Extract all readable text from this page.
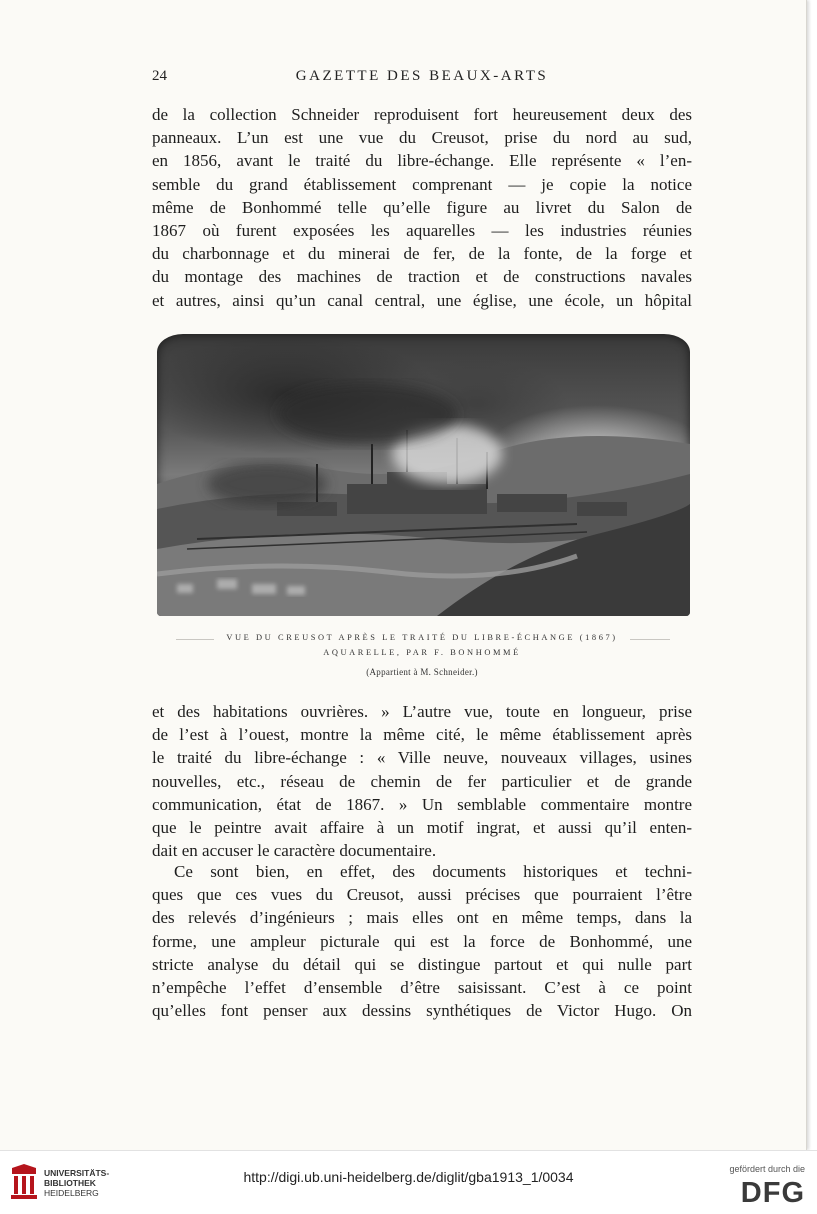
24	GAZETTE DES BEAUX-ARTS
de la collection Schneider reproduisent fort heureusement deux des
panneaux. L’un est une vue du Creusot, prise du nord au sud,
en 1856, avant le traité du libre-échange. Elle représente « l’en-
semble du grand établissement comprenant — je copie la notice
même de Bonhommé telle qu’elle figure au livret du Salon de
1867 où furent exposées les aquarelles — les industries réunies
du charbonnage et du minerai de fer, de la fonte, de la forge et
du montage des machines de traction et de constructions navales
et autres, ainsi qu’un canal central, une église, une école, un hôpital
VUE DU CREUSOT APRÈS LE TRAITÉ DU LIBRE-ÉCHANGE (1867)
AQUARELLE, PAR F. BONHOMMÉ
(Appartient à M. Schneider.)
et des habitations ouvrières. » L’autre vue, toute en longueur, prise
de l’est à l’ouest, montre la même cité, le même établissement après
le traité du libre-échange : « Ville neuve, nouveaux villages, usines
nouvelles, etc., réseau de chemin de fer particulier et de grande
communication, état de 1867. » Un semblable commentaire montre
que le peintre avait affaire à un motif ingrat, et aussi qu’il enten-
dait en accuser le caractère documentaire.
Ce sont bien, en effet, des documents historiques et techni-
ques que ces vues du Creusot, aussi précises que pourraient l’être
des relevés d’ingénieurs ; mais elles ont en même temps, dans la
forme, une ampleur picturale qui est la force de Bonhommé, une
stricte analyse du détail qui se distingue partout et qui nulle part
n’empêche l’effet d’ensemble d’être saisissant. C’est à ce point
qu’elles font penser aux dessins synthétiques de Victor Hugo. On
UNIVERSITÄTS-
BIBLIOTHEK
HEIDELBERG
http://digi.ub.uni-heidelberg.de/diglit/gba1913_1/0034	gefördert durch die
DFG
